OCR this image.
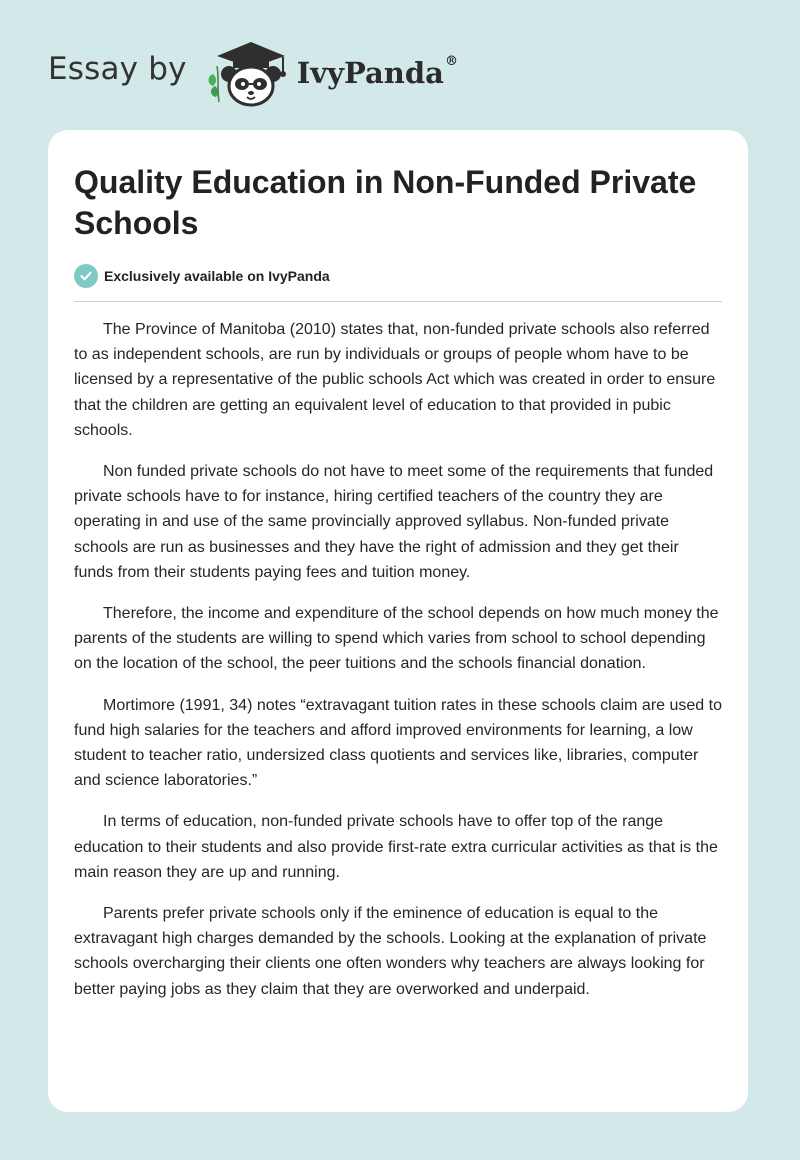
Essay by	IvyPanda®
Quality Education in Non-Funded Private Schools
Exclusively available on IvyPanda

The Province of Manitoba (2010) states that, non-funded private schools also referred to as independent schools, are run by individuals or groups of people whom have to be licensed by a representative of the public schools Act which was created in order to ensure that the children are getting an equivalent level of education to that provided in pubic schools.

Non funded private schools do not have to meet some of the requirements that funded private schools have to for instance, hiring certified teachers of the country they are operating in and use of the same provincially approved syllabus. Non-funded private schools are run as businesses and they have the right of admission and they get their funds from their students paying fees and tuition money.

Therefore, the income and expenditure of the school depends on how much money the parents of the students are willing to spend which varies from school to school depending on the location of the school, the peer tuitions and the schools financial donation.

Mortimore (1991, 34) notes “extravagant tuition rates in these schools claim are used to fund high salaries for the teachers and afford improved environments for learning, a low student to teacher ratio, undersized class quotients and services like, libraries, computer and science laboratories.”

In terms of education, non-funded private schools have to offer top of the range education to their students and also provide first-rate extra curricular activities as that is the main reason they are up and running.

Parents prefer private schools only if the eminence of education is equal to the extravagant high charges demanded by the schools. Looking at the explanation of private schools overcharging their clients one often wonders why teachers are always looking for better paying jobs as they claim that they are overworked and underpaid.
